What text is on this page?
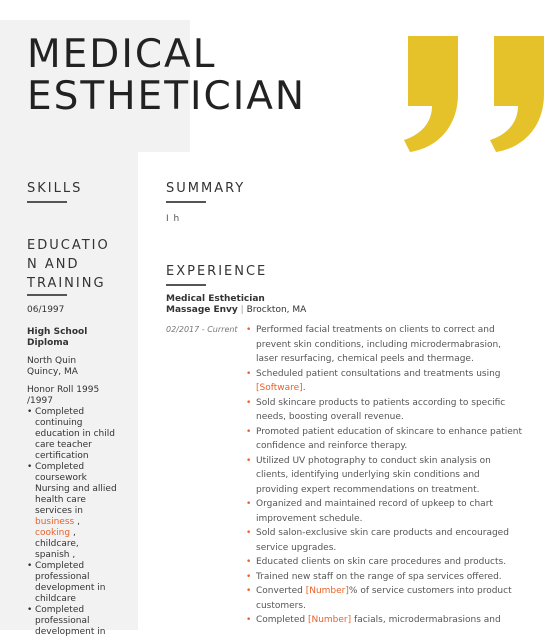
MEDICAL
ESTHETICIAN
SKILLS
EDUCATIO
N AND
TRAINING
06/1997
High School
Diploma
North Quin
Quincy, MA
Honor Roll 1995
/1997
• Completed
continuing
education in child
care teacher
certification
• Completed
coursework
Nursing and allied
health care
services in
business ,
cooking ,
childcare,
spanish ,
• Completed
professional
development in
childcare
• Completed
professional
development in
SUMMARY
I h
EXPERIENCE
Medical Esthetician
Massage Envy | Brockton, MA
02/2017 - Current
•	Performed facial treatments on clients to correct and
prevent skin conditions, including microdermabrasion,
laser resurfacing, chemical peels and thermage.
• Scheduled patient consultations and treatments using
[Software].
• Sold skincare products to patients according to specific
needs, boosting overall revenue.
• Promoted patient education of skincare to enhance patient
confidence and reinforce therapy.
• Utilized UV photography to conduct skin analysis on
clients, identifying underlying skin conditions and
providing expert recommendations on treatment.
• Organized and maintained record of upkeep to chart
improvement schedule.
• Sold salon-exclusive skin care products and encouraged
service upgrades.
• Educated clients on skin care procedures and products.
• Trained new staff on the range of spa services offered.
• Converted [Number]% of service customers into product
customers.
• Completed [Number] facials, microdermabrasions and
